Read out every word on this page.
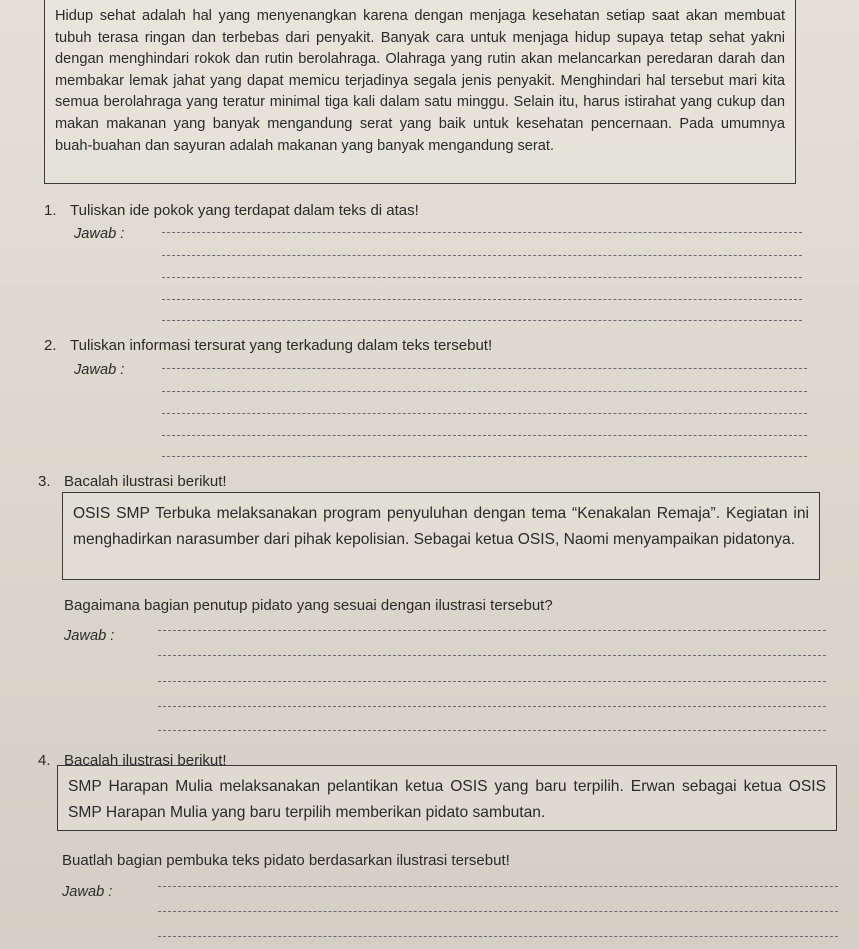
Hidup sehat adalah hal yang menyenangkan karena dengan menjaga kesehatan setiap saat akan membuat tubuh terasa ringan dan terbebas dari penyakit. Banyak cara untuk menjaga hidup supaya tetap sehat yakni dengan menghindari rokok dan rutin berolahraga. Olahraga yang rutin akan melancarkan peredaran darah dan membakar lemak jahat yang dapat memicu terjadinya segala jenis penyakit. Menghindari hal tersebut mari kita semua berolahraga yang teratur minimal tiga kali dalam satu minggu. Selain itu, harus istirahat yang cukup dan makan makanan yang banyak mengandung serat yang baik untuk kesehatan pencernaan. Pada umumnya buah-buahan dan sayuran adalah makanan yang banyak mengandung serat.
1. Tuliskan ide pokok yang terdapat dalam teks di atas!
Jawab :
2. Tuliskan informasi tersurat yang terkadung dalam teks tersebut!
Jawab :
3. Bacalah ilustrasi berikut!
OSIS SMP Terbuka melaksanakan program penyuluhan dengan tema “Kenakalan Remaja”. Kegiatan ini menghadirkan narasumber dari pihak kepolisian. Sebagai ketua OSIS, Naomi menyampaikan pidatonya.
Bagaimana bagian penutup pidato yang sesuai dengan ilustrasi tersebut?
Jawab :
4. Bacalah ilustrasi berikut!
SMP Harapan Mulia melaksanakan pelantikan ketua OSIS yang baru terpilih. Erwan sebagai ketua OSIS SMP Harapan Mulia yang baru terpilih memberikan pidato sambutan.
Buatlah bagian pembuka teks pidato berdasarkan ilustrasi tersebut!
Jawab :
